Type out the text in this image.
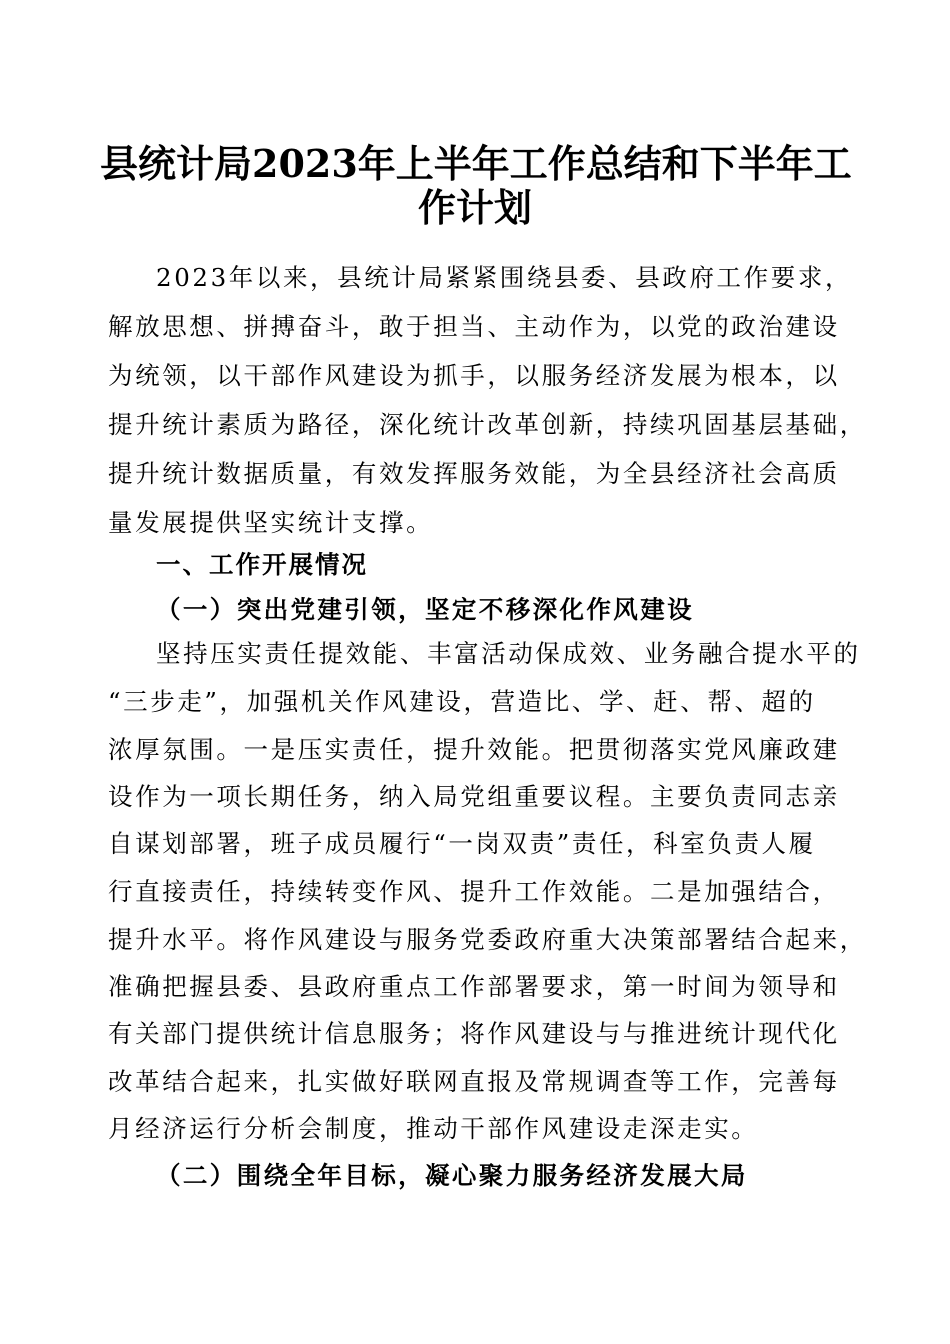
县统计局2023年上半年工作总结和下半年工
作计划

2023年以来，县统计局紧紧围绕县委、县政府工作要求，

解放思想、拼搏奋斗，敢于担当、主动作为，以党的政治建设

为统领，以干部作风建设为抓手，以服务经济发展为根本，以

提升统计素质为路径，深化统计改革创新，持续巩固基层基础，

提升统计数据质量，有效发挥服务效能，为全县经济社会高质

量发展提供坚实统计支撑。

一、工作开展情况

（一）突出党建引领，坚定不移深化作风建设

坚持压实责任提效能、丰富活动保成效、业务融合提水平的

“三步走”，加强机关作风建设，营造比、学、赶、帮、超的

浓厚氛围。一是压实责任，提升效能。把贯彻落实党风廉政建

设作为一项长期任务，纳入局党组重要议程。主要负责同志亲

自谋划部署，班子成员履行“一岗双责”责任，科室负责人履

行直接责任，持续转变作风、提升工作效能。二是加强结合，

提升水平。将作风建设与服务党委政府重大决策部署结合起来，

准确把握县委、县政府重点工作部署要求，第一时间为领导和

有关部门提供统计信息服务；将作风建设与与推进统计现代化

改革结合起来，扎实做好联网直报及常规调查等工作，完善每

月经济运行分析会制度，推动干部作风建设走深走实。

（二）围绕全年目标，凝心聚力服务经济发展大局
